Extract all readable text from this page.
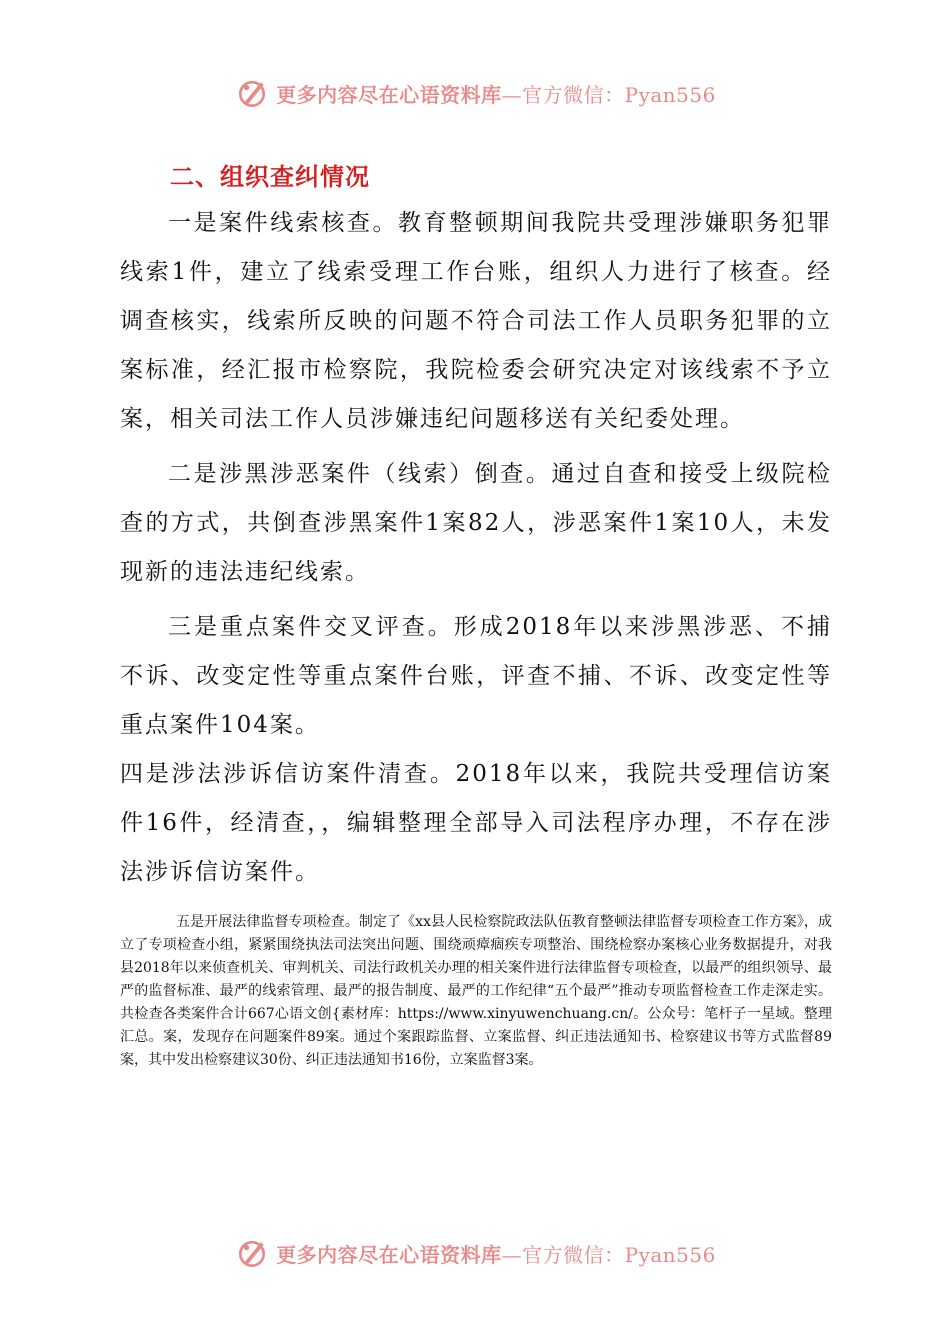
更多内容尽在心语资料库—官方微信：Pyan556
二、组织查纠情况

一是案件线索核查。教育整顿期间我院共受理涉嫌职务犯罪线索1件，建立了线索受理工作台账，组织人力进行了核查。经调查核实，线索所反映的问题不符合司法工作人员职务犯罪的立案标准，经汇报市检察院，我院检委会研究决定对该线索不予立案，相关司法工作人员涉嫌违纪问题移送有关纪委处理。

二是涉黑涉恶案件（线索）倒查。通过自查和接受上级院检查的方式，共倒查涉黑案件1案82人，涉恶案件1案10人，未发现新的违法违纪线索。

三是重点案件交叉评查。形成2018年以来涉黑涉恶、不捕不诉、改变定性等重点案件台账，评查不捕、不诉、改变定性等重点案件104案。

四是涉法涉诉信访案件清查。2018年以来，我院共受理信访案件16件，经清查，，编辑整理全部导入司法程序办理，不存在涉法涉诉信访案件。

五是开展法律监督专项检查。制定了《xx县人民检察院政法队伍教育整顿法律监督专项检查工作方案》，成立了专项检查小组，紧紧围绕执法司法突出问题、围绕顽瘴痼疾专项整治、围绕检察办案核心业务数据提升，对我县2018年以来侦查机关、审判机关、司法行政机关办理的相关案件进行法律监督专项检查，以最严的组织领导、最严的监督标准、最严的线索管理、最严的报告制度、最严的工作纪律“五个最严”推动专项监督检查工作走深走实。共检查各类案件合计667心语文创{素材库：https://www.xinyuwenchuang.cn/。公众号：笔杆子一星域。整理汇总。案，发现存在问题案件89案。通过个案跟踪监督、立案监督、纠正违法通知书、检察建议书等方式监督89案，其中发出检察建议30份、纠正违法通知书16份，立案监督3案。

更多内容尽在心语资料库—官方微信：Pyan556
